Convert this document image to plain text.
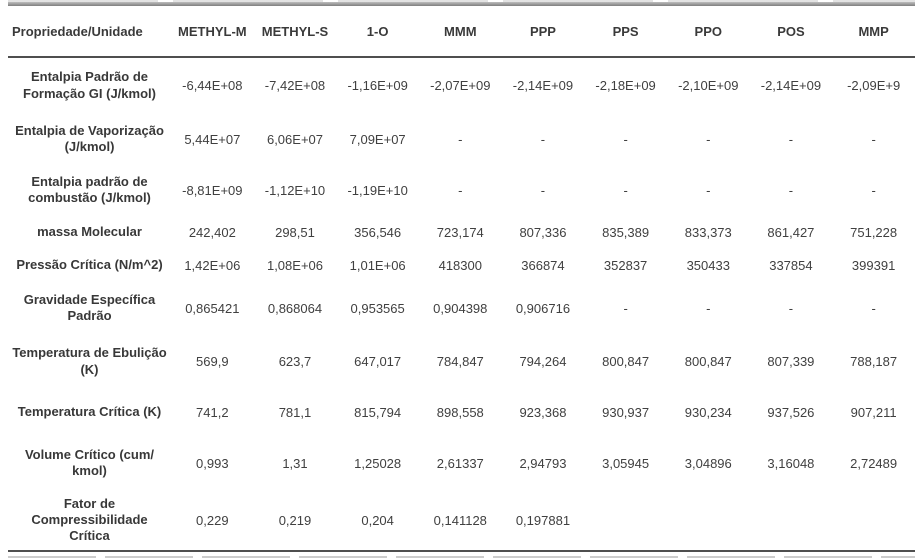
Propriedade/Unidade	METHYL-M	METHYL-S	1-O	MMM	PPP	PPS	PPO	POS	MMP
Entalpia Padrão de Formação GI (J/kmol)	-6,44E+08	-7,42E+08	-1,16E+09	-2,07E+09	-2,14E+09	-2,18E+09	-2,10E+09	-2,14E+09	-2,09E+9
Entalpia de Vaporização (J/kmol)	5,44E+07	6,06E+07	7,09E+07	-	-	-	-	-	-
Entalpia padrão de combustão (J/kmol)	-8,81E+09	-1,12E+10	-1,19E+10	-	-	-	-	-	-
massa Molecular	242,402	298,51	356,546	723,174	807,336	835,389	833,373	861,427	751,228
Pressão Crítica (N/m^2)	1,42E+06	1,08E+06	1,01E+06	418300	366874	352837	350433	337854	399391
Gravidade Específica Padrão	0,865421	0,868064	0,953565	0,904398	0,906716	-	-	-	-
Temperatura de Ebulição (K)	569,9	623,7	647,017	784,847	794,264	800,847	800,847	807,339	788,187
Temperatura Crítica (K)	741,2	781,1	815,794	898,558	923,368	930,937	930,234	937,526	907,211
Volume Crítico (cum/ kmol)	0,993	1,31	1,25028	2,61337	2,94793	3,05945	3,04896	3,16048	2,72489
Fator de Compressibilidade Crítica	0,229	0,219	0,204	0,141128	0,197881				
